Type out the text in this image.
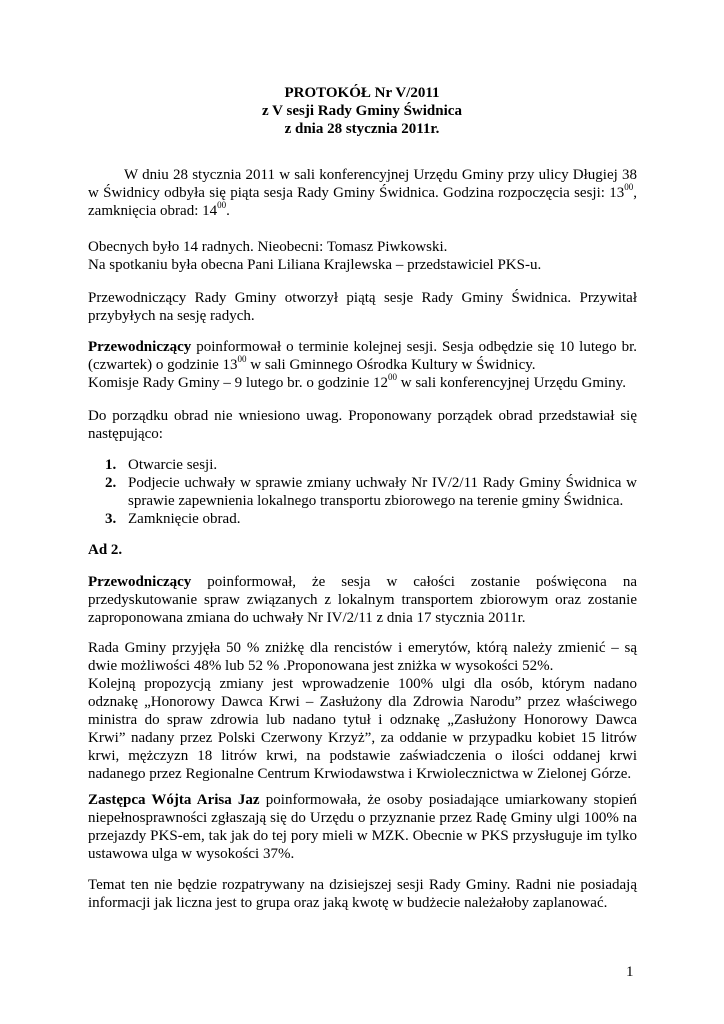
PROTOKÓŁ Nr V/2011
z V sesji Rady Gminy Świdnica
z dnia 28 stycznia 2011r.

W dniu 28 stycznia 2011 w sali konferencyjnej Urzędu Gminy przy ulicy Długiej 38 w Świdnicy odbyła się piąta sesja Rady Gminy Świdnica. Godzina rozpoczęcia sesji: $13^{00}$, zamknięcia obrad: $14^{00}$.

Obecnych było 14 radnych. Nieobecni: Tomasz Piwkowski.

Na spotkaniu była obecna Pani Liliana Krajlewska – przedstawiciel PKS-u.

Przewodniczący Rady Gminy otworzył piątą sesje Rady Gminy Świdnica. Przywitał przybyłych na sesję radych.

Przewodniczący poinformował o terminie kolejnej sesji. Sesja odbędzie się 10 lutego br. (czwartek) o godzinie $13^{00}$ w sali Gminnego Ośrodka Kultury w Świdnicy.

Komisje Rady Gminy – 9 lutego br. o godzinie $12^{00}$ w sali konferencyjnej Urzędu Gminy.

Do porządku obrad nie wniesiono uwag. Proponowany porządek obrad przedstawiał się następująco:

1. Otwarcie sesji.
2. Podjecie uchwały w sprawie zmiany uchwały Nr IV/2/11 Rady Gminy Świdnica w sprawie zapewnienia lokalnego transportu zbiorowego na terenie gminy Świdnica.
3. Zamknięcie obrad.
Ad 2.

Przewodniczący poinformował, że sesja w całości zostanie poświęcona na przedyskutowanie spraw związanych z lokalnym transportem zbiorowym oraz zostanie zaproponowana zmiana do uchwały Nr IV/2/11 z dnia 17 stycznia 2011r.

Rada Gminy przyjęła 50 % zniżkę dla rencistów i emerytów, którą należy zmienić – są dwie możliwości 48% lub 52 % .Proponowana jest zniżka w wysokości 52%.

Kolejną propozycją zmiany jest wprowadzenie 100% ulgi dla osób, którym nadano odznakę „Honorowy Dawca Krwi – Zasłużony dla Zdrowia Narodu” przez właściwego ministra do spraw zdrowia lub nadano tytuł i odznakę „Zasłużony Honorowy Dawca Krwi” nadany przez Polski Czerwony Krzyż”, za oddanie w przypadku kobiet 15 litrów krwi, mężczyzn 18 litrów krwi, na podstawie zaświadczenia o ilości oddanej krwi nadanego przez Regionalne Centrum Krwiodawstwa i Krwiolecznictwa w Zielonej Górze.

Zastępca Wójta Arisa Jaz poinformowała, że osoby posiadające umiarkowany stopień niepełnosprawności zgłaszają się do Urzędu o przyznanie przez Radę Gminy ulgi 100% na przejazdy PKS-em, tak jak do tej pory mieli w MZK. Obecnie w PKS przysługuje im tylko ustawowa ulga w wysokości 37%.

Temat ten nie będzie rozpatrywany na dzisiejszej sesji Rady Gminy. Radni nie posiadają informacji jak liczna jest to grupa oraz jaką kwotę w budżecie należałoby zaplanować.

1
